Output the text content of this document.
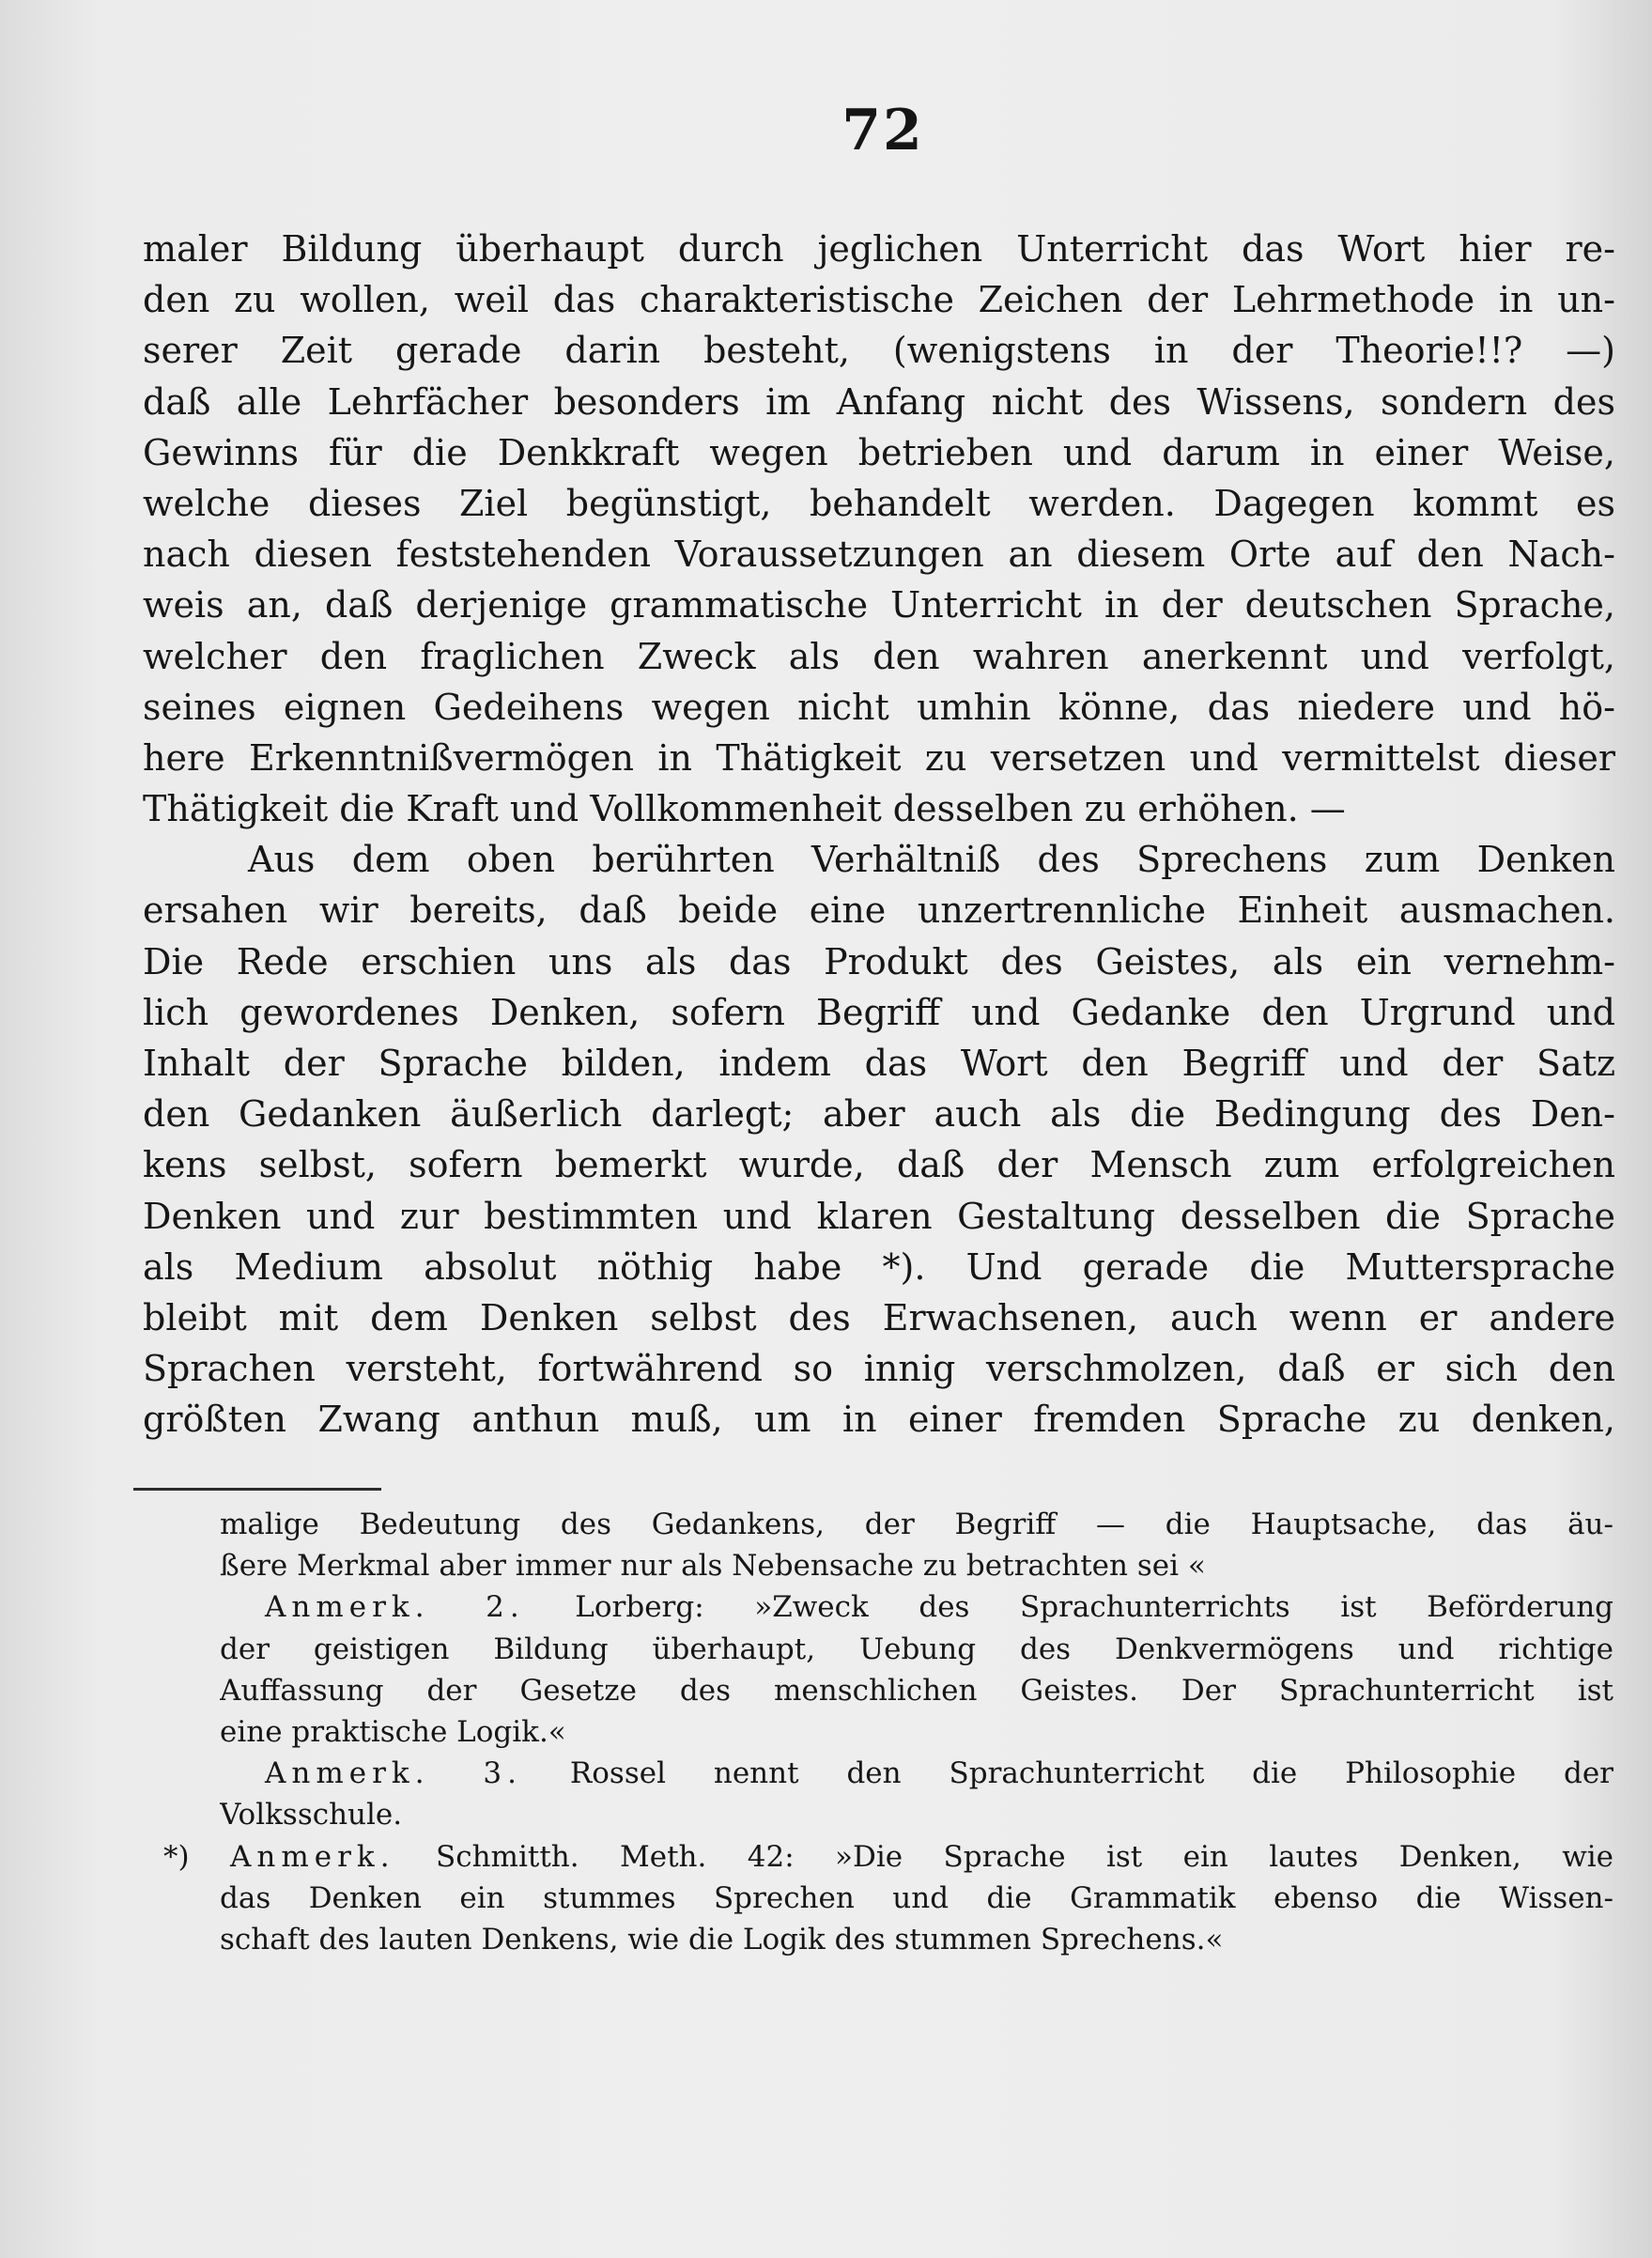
72
maler Bildung überhaupt durch jeglichen Unterricht das Wort hier re-
den zu wollen, weil das charakteristische Zeichen der Lehrmethode in un-
serer Zeit gerade darin besteht, (wenigstens in der Theorie!!? —)
daß alle Lehrfächer besonders im Anfang nicht des Wissens, sondern des
Gewinns für die Denkkraft wegen betrieben und darum in einer Weise,
welche dieses Ziel begünstigt, behandelt werden. Dagegen kommt es
nach diesen feststehenden Voraussetzungen an diesem Orte auf den Nach-
weis an, daß derjenige grammatische Unterricht in der deutschen Sprache,
welcher den fraglichen Zweck als den wahren anerkennt und verfolgt,
seines eignen Gedeihens wegen nicht umhin könne, das niedere und hö-
here Erkenntnißvermögen in Thätigkeit zu versetzen und vermittelst dieser
Thätigkeit die Kraft und Vollkommenheit desselben zu erhöhen. —
Aus dem oben berührten Verhältniß des Sprechens zum Denken
ersahen wir bereits, daß beide eine unzertrennliche Einheit ausmachen.
Die Rede erschien uns als das Produkt des Geistes, als ein vernehm-
lich gewordenes Denken, sofern Begriff und Gedanke den Urgrund und
Inhalt der Sprache bilden, indem das Wort den Begriff und der Satz
den Gedanken äußerlich darlegt; aber auch als die Bedingung des Den-
kens selbst, sofern bemerkt wurde, daß der Mensch zum erfolgreichen
Denken und zur bestimmten und klaren Gestaltung desselben die Sprache
als Medium absolut nöthig habe *). Und gerade die Muttersprache
bleibt mit dem Denken selbst des Erwachsenen, auch wenn er andere
Sprachen versteht, fortwährend so innig verschmolzen, daß er sich den
größten Zwang anthun muß, um in einer fremden Sprache zu denken,
malige Bedeutung des Gedankens, der Begriff — die Hauptsache, das äu-
ßere Merkmal aber immer nur als Nebensache zu betrachten sei «
Anmerk. 2. Lorberg: »Zweck des Sprachunterrichts ist Beförderung
der geistigen Bildung überhaupt, Uebung des Denkvermögens und richtige
Auffassung der Gesetze des menschlichen Geistes. Der Sprachunterricht ist
eine praktische Logik.«
Anmerk. 3. Rossel nennt den Sprachunterricht die Philosophie der
Volksschule.
*) Anmerk. Schmitth. Meth. 42: »Die Sprache ist ein lautes Denken, wie
das Denken ein stummes Sprechen und die Grammatik ebenso die Wissen-
schaft des lauten Denkens, wie die Logik des stummen Sprechens.«
